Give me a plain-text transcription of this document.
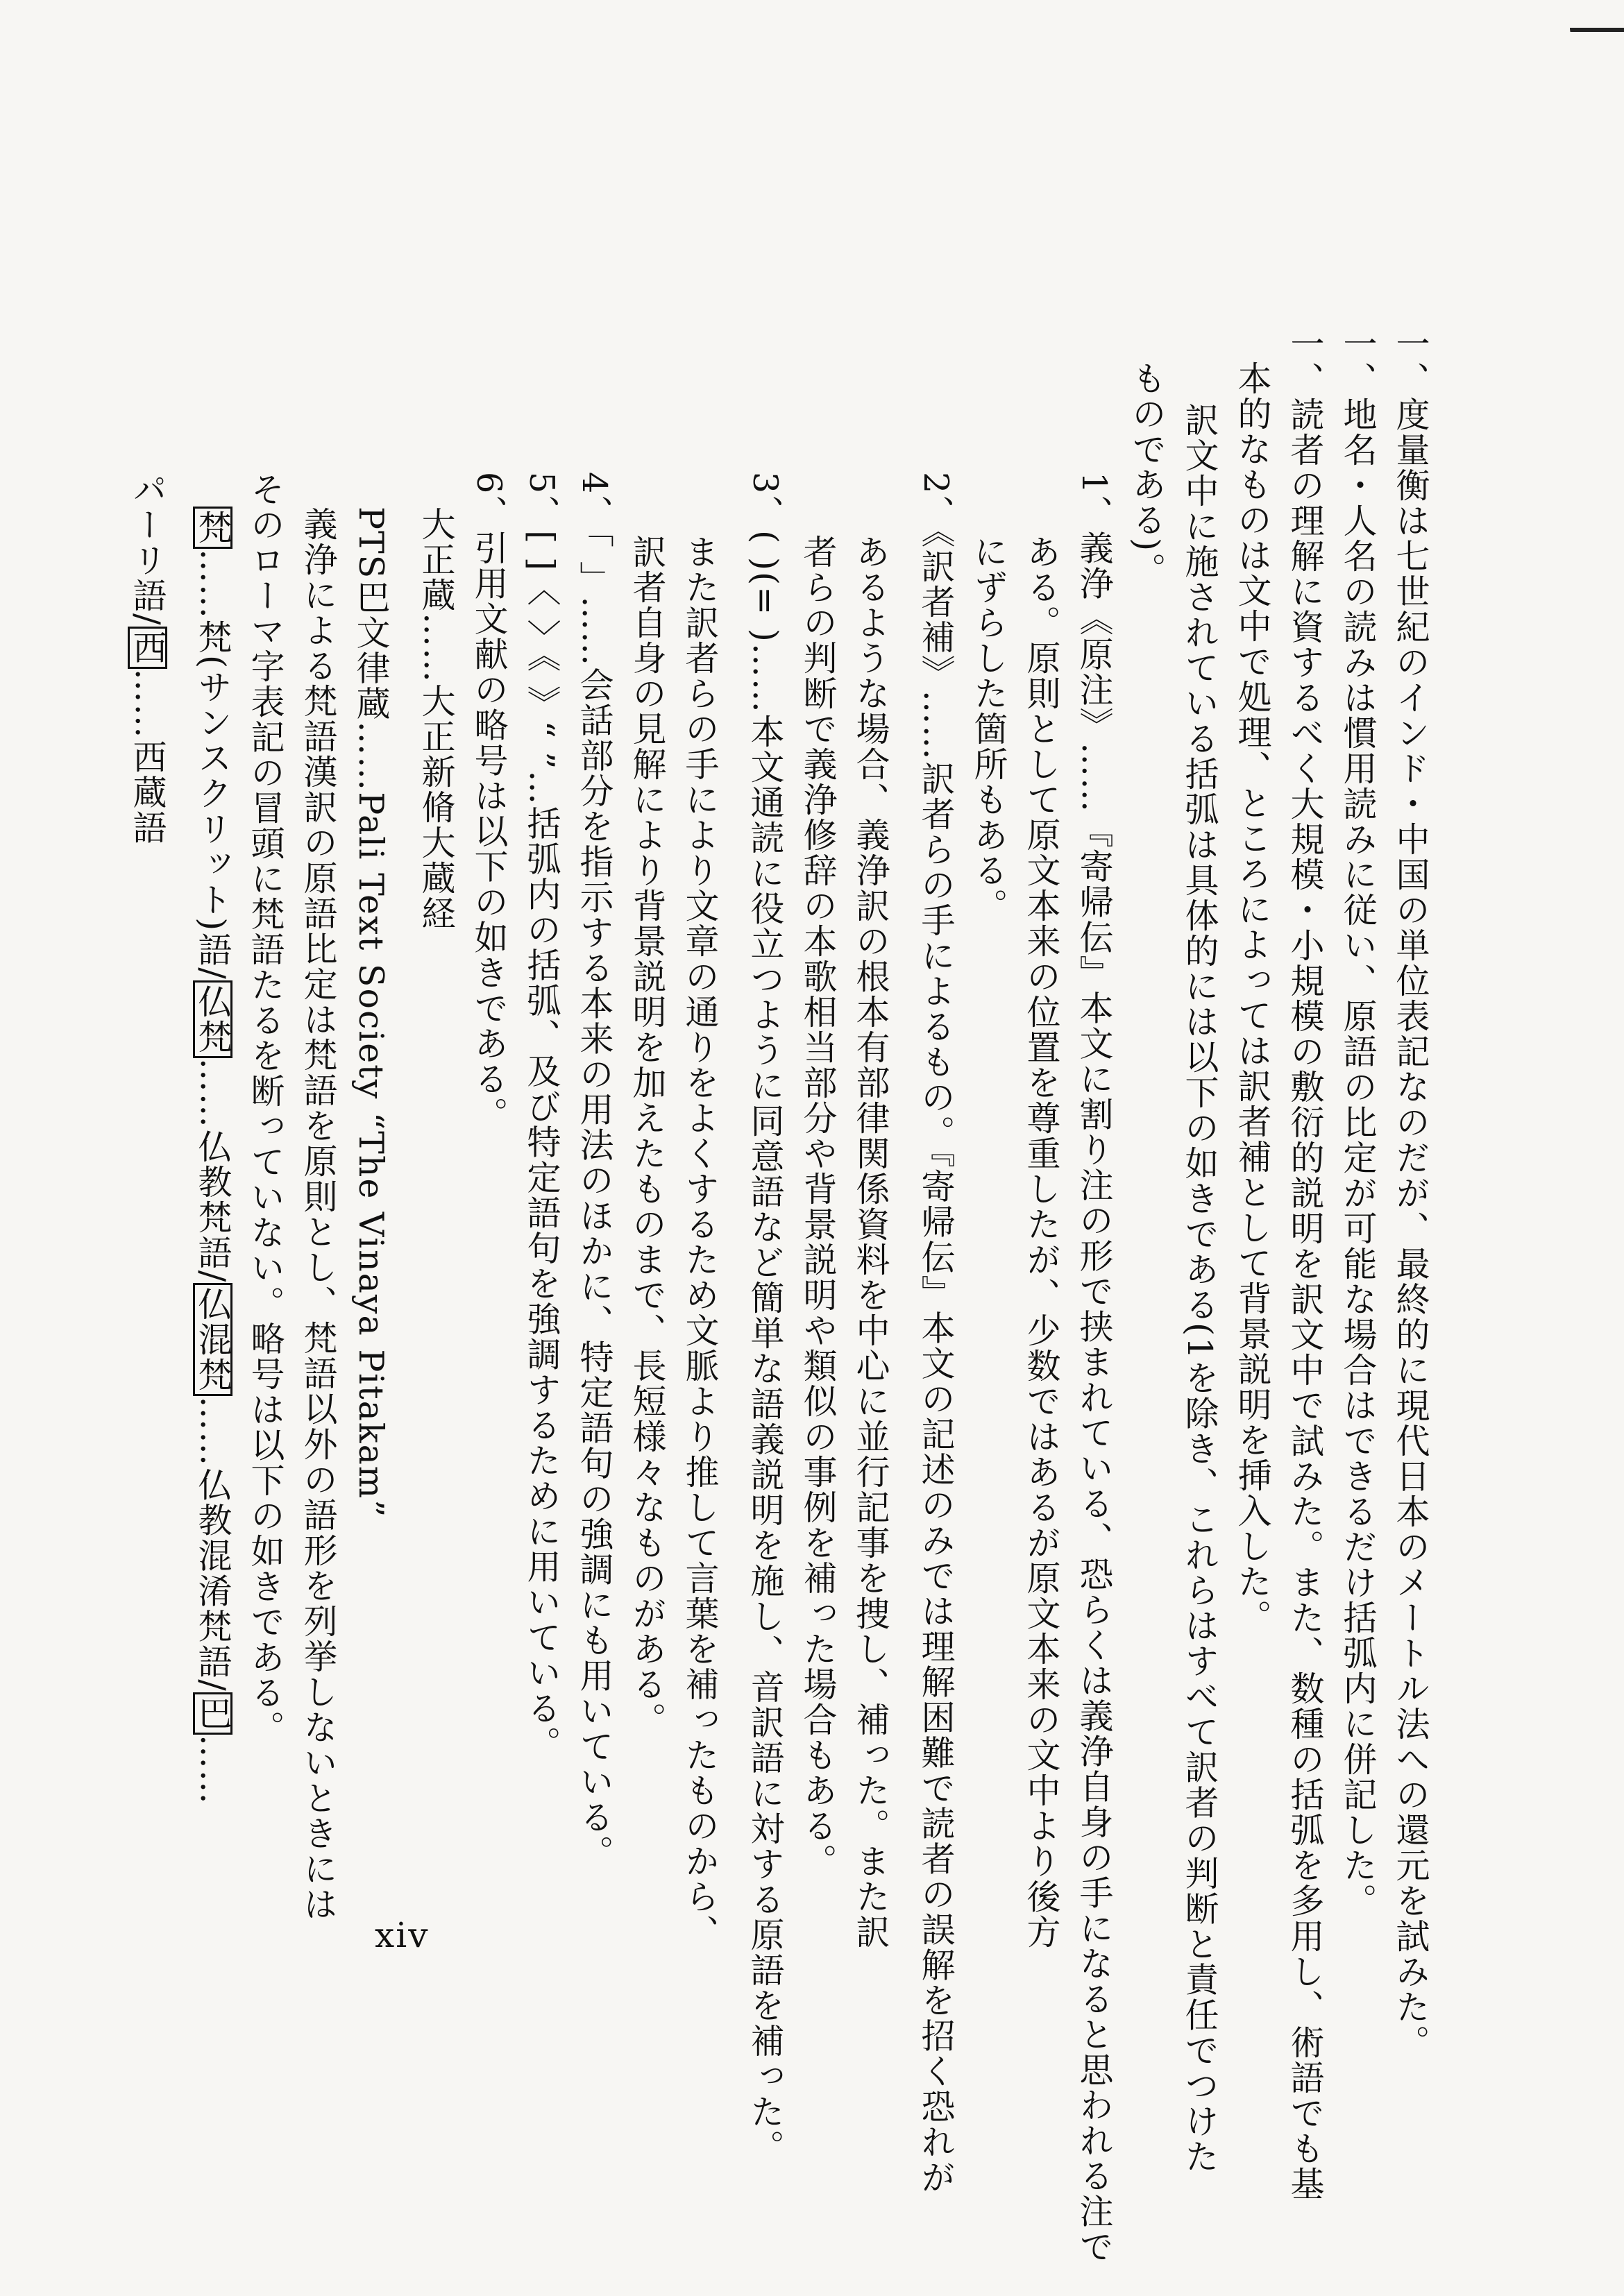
一、度量衡は七世紀のインド・中国の単位表記なのだが、最終的に現代日本のメートル法への還元を試みた。
一、地名・人名の読みは慣用読みに従い、原語の比定が可能な場合はできるだけ括弧内に併記した。
一、読者の理解に資するべく大規模・小規模の敷衍的説明を訳文中で試みた。また、数種の括弧を多用し、術語でも基
本的なものは文中で処理、ところによっては訳者補として背景説明を挿入した。
訳文中に施されている括弧は具体的には以下の如きである(1を除き、これらはすべて訳者の判断と責任でつけた
ものである)。
1、義浄《原注》……『寄帰伝』本文に割り注の形で挟まれている、恐らくは義浄自身の手になると思われる注で
ある。原則として原文本来の位置を尊重したが、少数ではあるが原文本来の文中より後方
にずらした箇所もある。
2、《訳者補》……訳者らの手によるもの。『寄帰伝』本文の記述のみでは理解困難で読者の誤解を招く恐れが
あるような場合、義浄訳の根本有部律関係資料を中心に並行記事を捜し、補った。また訳
者らの判断で義浄修辞の本歌相当部分や背景説明や類似の事例を補った場合もある。
3、( )(= )……本文通読に役立つように同意語など簡単な語義説明を施し、音訳語に対する原語を補った。
また訳者らの手により文章の通りをよくするため文脈より推して言葉を補ったものから、
訳者自身の見解により背景説明を加えたものまで、長短様々なものがある。
4、「 」……会話部分を指示する本来の用法のほかに、特定語句の強調にも用いている。
5、[ ]〈 〉《 》“ ”…括弧内の括弧、及び特定語句を強調するために用いている。
6、引用文献の略号は以下の如きである。
大正蔵……大正新脩大蔵経
PTS巴文律蔵……Pali Text Society “The Vinaya Pitakam”
義浄による梵語漢訳の原語比定は梵語を原則とし、梵語以外の語形を列挙しないときには
そのローマ字表記の冒頭に梵語たるを断っていない。略号は以下の如きである。
梵……梵(サンスクリット)語/仏梵……仏教梵語/仏混梵……仏教混淆梵語/巴……
パーリ語/西……西蔵語
xiv
